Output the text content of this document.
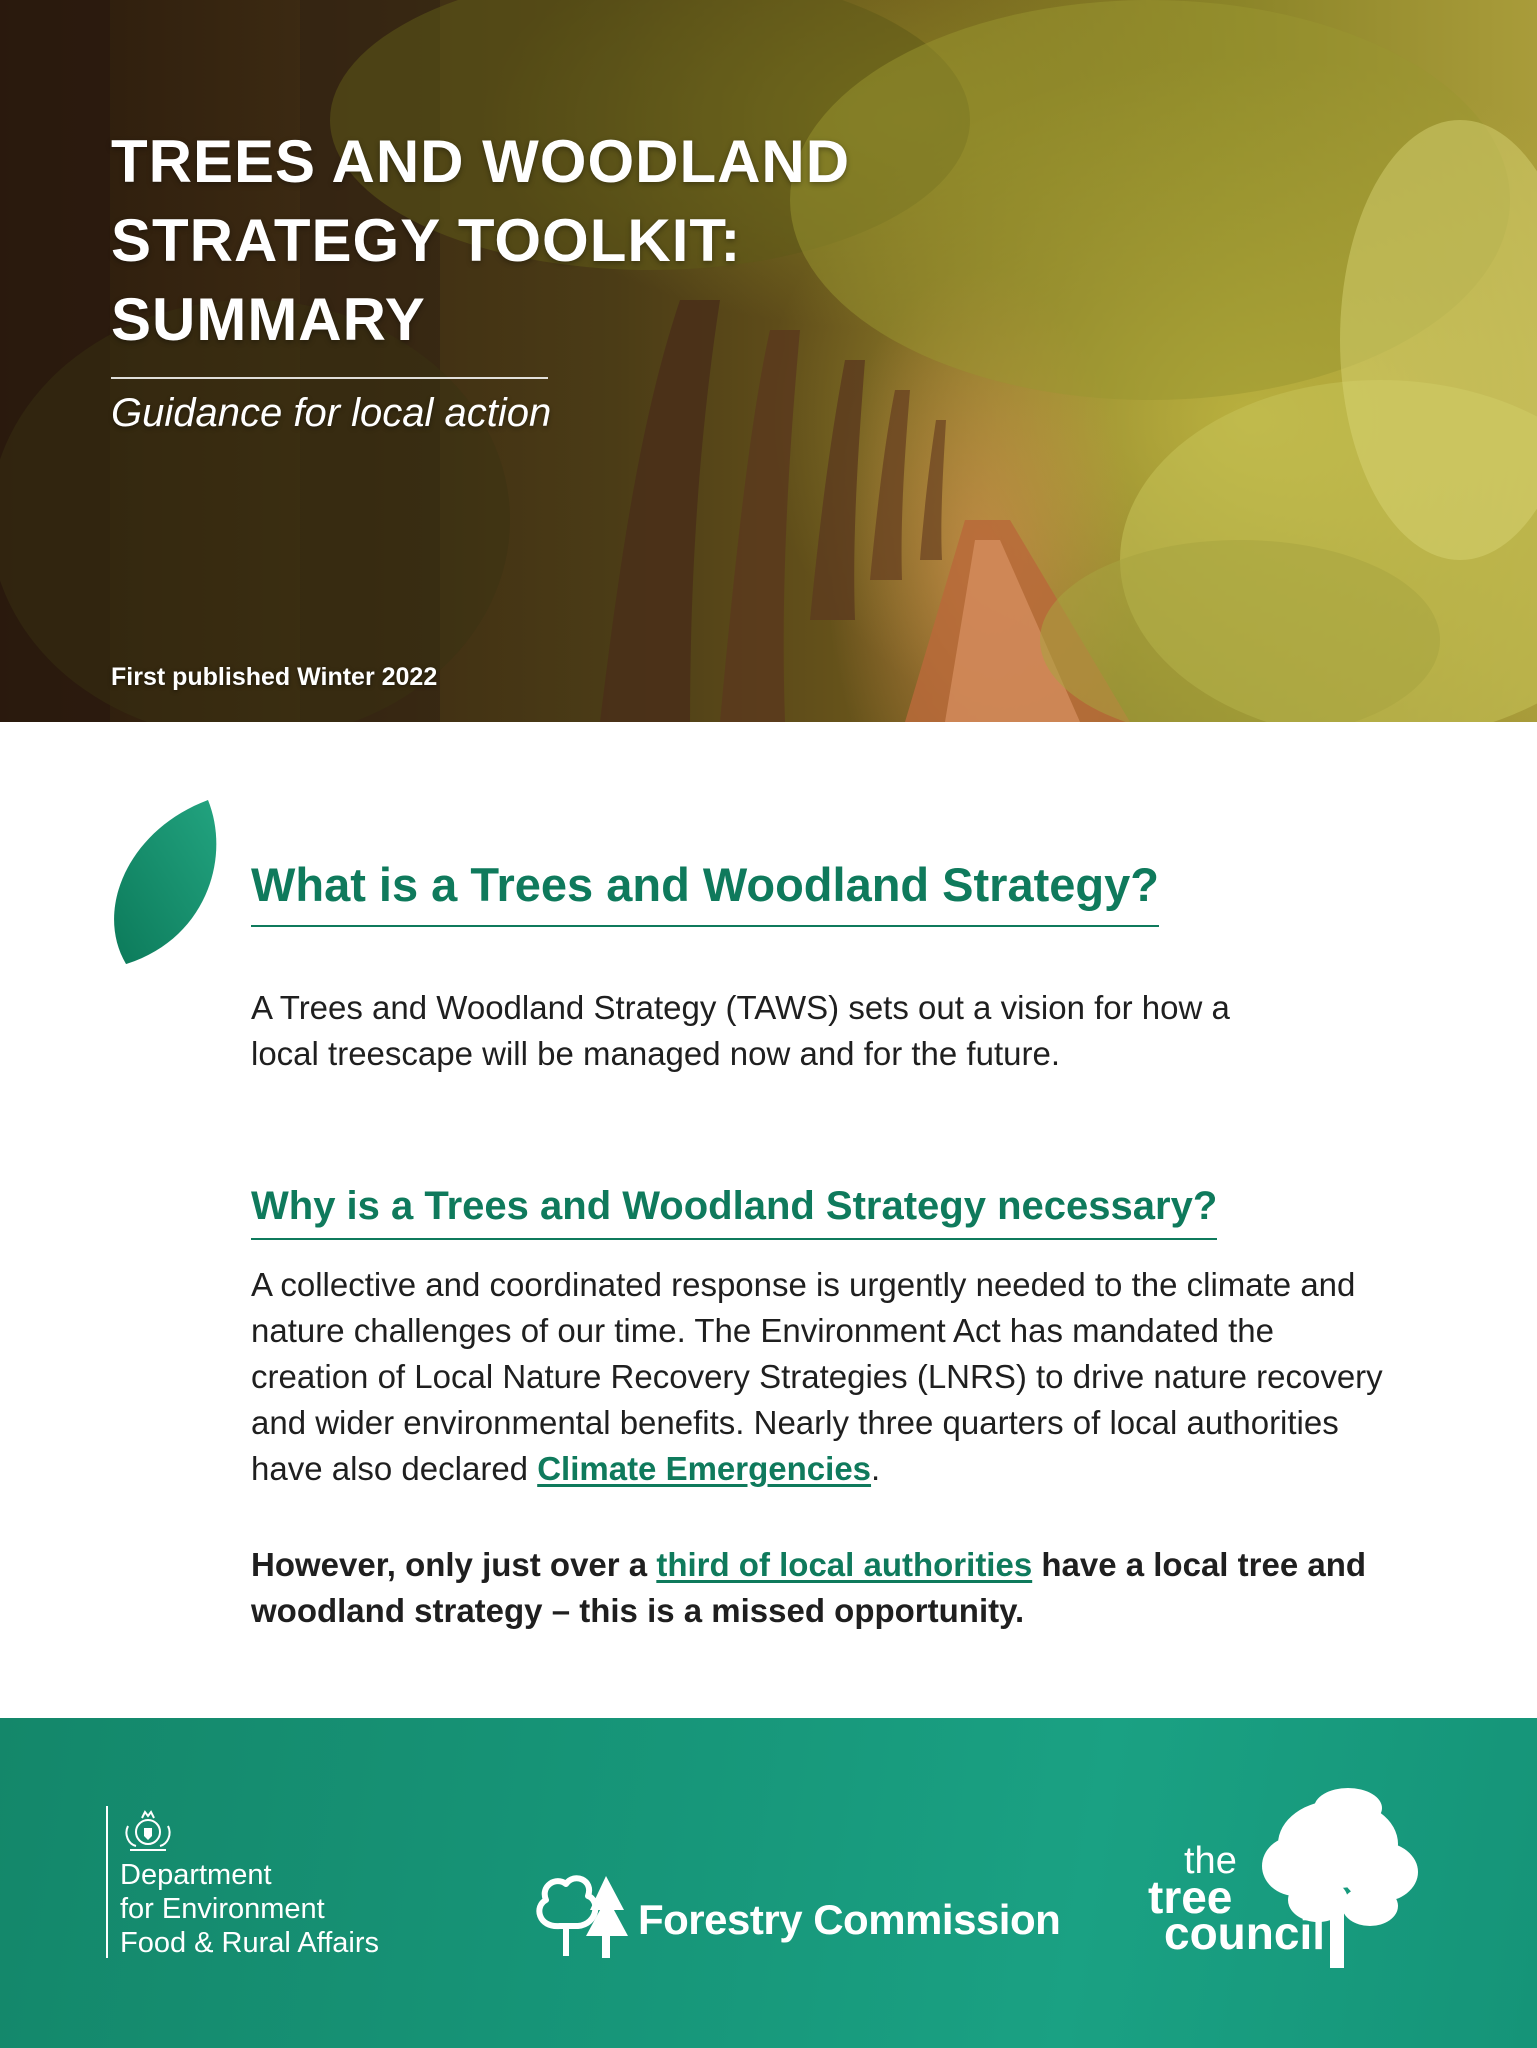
TREES AND WOODLAND
STRATEGY TOOLKIT:
SUMMARY
Guidance for local action
First published Winter 2022
What is a Trees and Woodland Strategy?

A Trees and Woodland Strategy (TAWS) sets out a vision for how a
local treescape will be managed now and for the future.

Why is a Trees and Woodland Strategy necessary?

A collective and coordinated response is urgently needed to the climate and nature challenges of our time. The Environment Act has mandated the creation of Local Nature Recovery Strategies (LNRS) to drive nature recovery and wider environmental benefits. Nearly three quarters of local authorities have also declared Climate Emergencies.

However, only just over a third of local authorities have a local tree and woodland strategy – this is a missed opportunity.

Department
for Environment
Food & Rural Affairs	Forestry Commission
the
tree
council
